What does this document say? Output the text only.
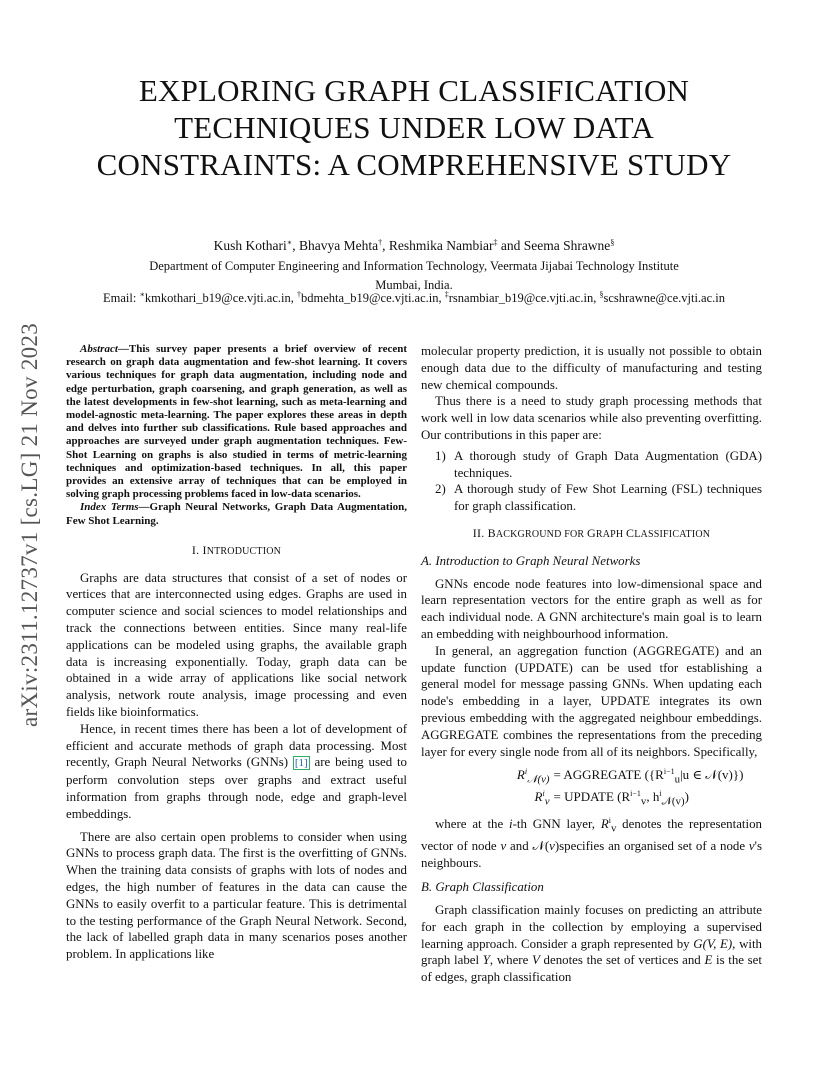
arXiv:2311.12737v1 [cs.LG] 21 Nov 2023
EXPLORING GRAPH CLASSIFICATION
TECHNIQUES UNDER LOW DATA
CONSTRAINTS: A COMPREHENSIVE STUDY
Kush Kothari∗, Bhavya Mehta†, Reshmika Nambiar‡ and Seema Shrawne§
Department of Computer Engineering and Information Technology, Veermata Jijabai Technology Institute
Mumbai, India.
Email: ∗kmkothari_b19@ce.vjti.ac.in, †bdmehta_b19@ce.vjti.ac.in, ‡rsnambiar_b19@ce.vjti.ac.in, §scshrawne@ce.vjti.ac.in

Abstract—This survey paper presents a brief overview of recent research on graph data augmentation and few-shot learning. It covers various techniques for graph data augmentation, including node and edge perturbation, graph coarsening, and graph generation, as well as the latest developments in few-shot learning, such as meta-learning and model-agnostic meta-learning. The paper explores these areas in depth and delves into further sub classifications. Rule based approaches and approaches are surveyed under graph augmentation techniques. Few-Shot Learning on graphs is also studied in terms of metric-learning techniques and optimization-based techniques. In all, this paper provides an extensive array of techniques that can be employed in solving graph processing problems faced in low-data scenarios.

Index Terms—Graph Neural Networks, Graph Data Augmentation, Few Shot Learning.

I. INTRODUCTION

Graphs are data structures that consist of a set of nodes or vertices that are interconnected using edges. Graphs are used in computer science and social sciences to model relationships and track the connections between entities. Since many real-life applications can be modeled using graphs, the available graph data is increasing exponentially. Today, graph data can be obtained in a wide array of applications like social network analysis, network route analysis, image processing and even fields like bioinformatics.

Hence, in recent times there has been a lot of development of efficient and accurate methods of graph data processing. Most recently, Graph Neural Networks (GNNs) [1] are being used to perform convolution steps over graphs and extract useful information from graphs through node, edge and graph-level embeddings.

There are also certain open problems to consider when using GNNs to process graph data. The first is the overfitting of GNNs. When the training data consists of graphs with lots of nodes and edges, the high number of features in the data can cause the GNNs to easily overfit to a particular feature. This is detrimental to the testing performance of the Graph Neural Network. Second, the lack of labelled graph data in many scenarios poses another problem. In applications like

molecular property prediction, it is usually not possible to obtain enough data due to the difficulty of manufacturing and testing new chemical compounds.

Thus there is a need to study graph processing methods that work well in low data scenarios while also preventing overfitting. Our contributions in this paper are:

1) A thorough study of Graph Data Augmentation (GDA) techniques.
2) A thorough study of Few Shot Learning (FSL) techniques for graph classification.
II. BACKGROUND FOR GRAPH CLASSIFICATION
A. Introduction to Graph Neural Networks

GNNs encode node features into low-dimensional space and learn representation vectors for the entire graph as well as for each individual node. A GNN architecture's main goal is to learn an embedding with neighbourhood information.

In general, an aggregation function (AGGREGATE) and an update function (UPDATE) can be used tfor establishing a general model for message passing GNNs. When updating each node's embedding in a layer, UPDATE integrates its own previous embedding with the aggregated neighbour embeddings. AGGREGATE combines the representations from the preceding layer for every single node from all of its neighbors. Specifically,

$R^i_{𝒩(v)}$ = AGGREGATE ({$R^{i-1}_u|u$ ∈ 𝒩(v)})
$R^i_v$ = UPDATE ($R^{i-1}_v$, $h^i_{𝒩(v)}$)

where at the i-th GNN layer, $R^i_v$ denotes the representation vector of node v and 𝒩(v)specifies an organised set of a node v's neighbours.

B. Graph Classification

Graph classification mainly focuses on predicting an attribute for each graph in the collection by employing a supervised learning approach. Consider a graph represented by G(V, E), with graph label Y, where V denotes the set of vertices and E is the set of edges, graph classification
